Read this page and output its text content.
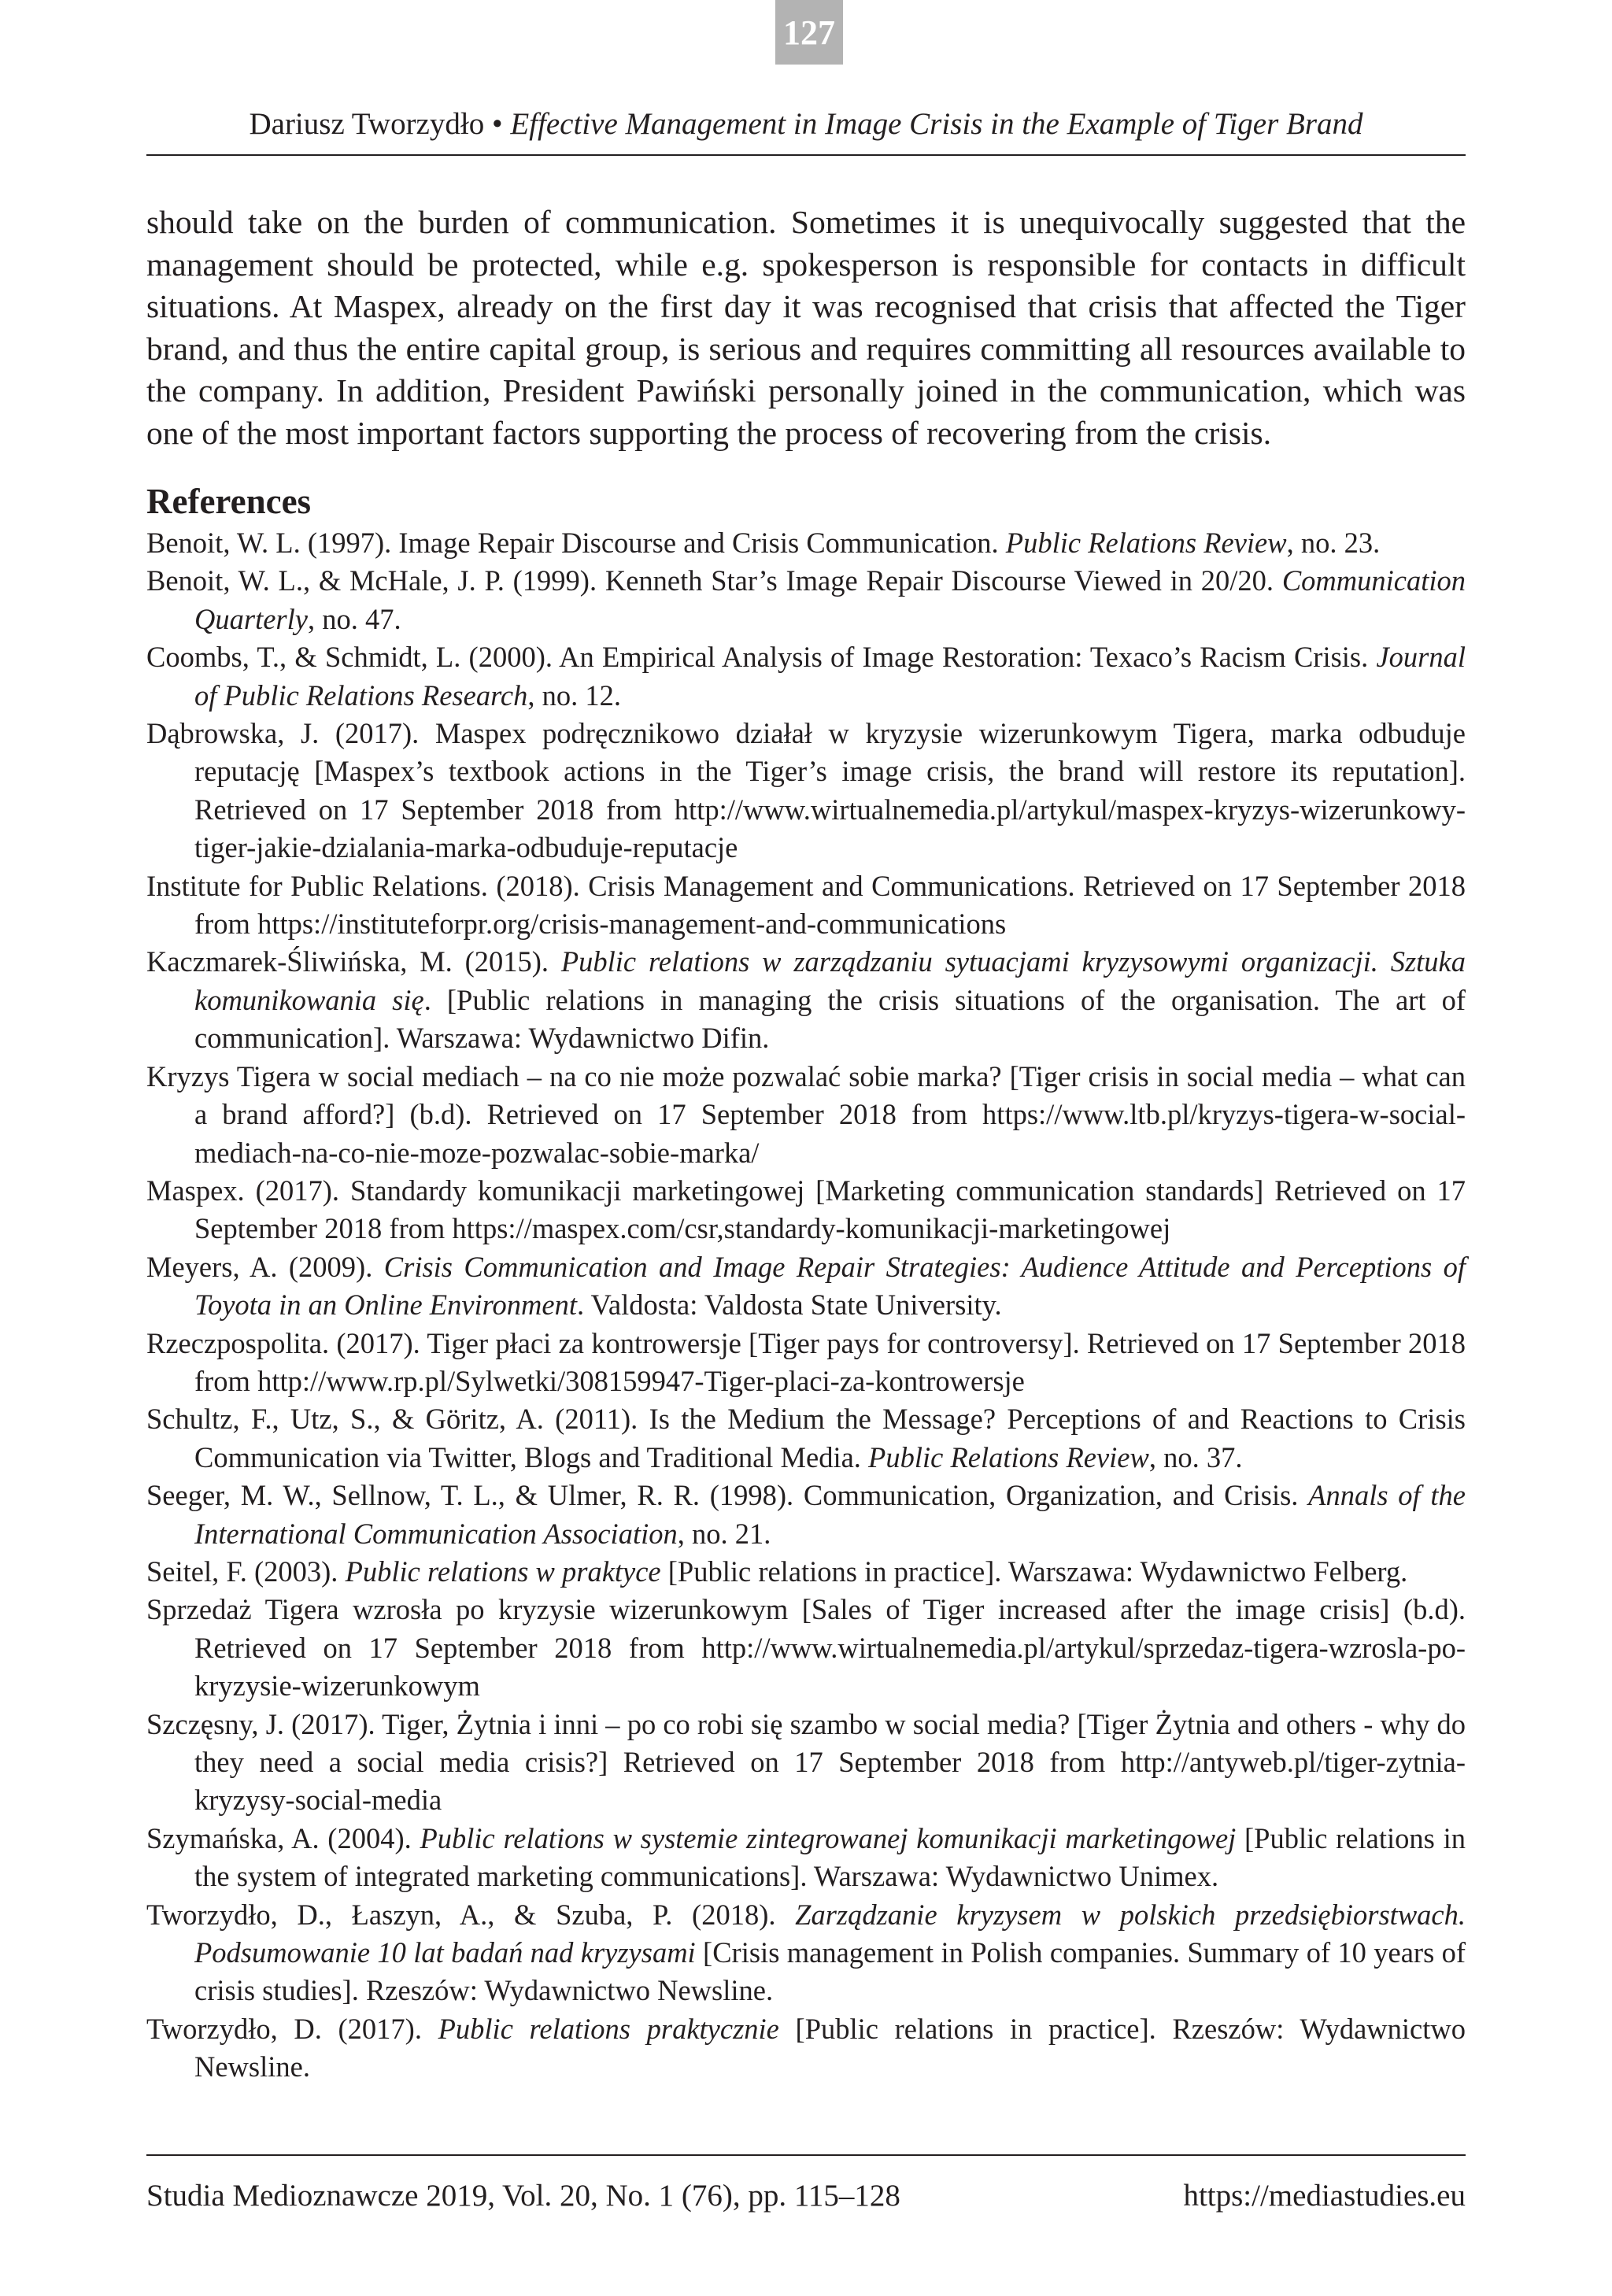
127
Dariusz Tworzydło • Effective Management in Image Crisis in the Example of Tiger Brand

should take on the burden of communication. Sometimes it is unequivocally suggested that the management should be protected, while e.g. spokesperson is responsible for contacts in difficult situations. At Maspex, already on the first day it was recognised that crisis that affected the Tiger brand, and thus the entire capital group, is serious and requires committing all resources available to the company. In addition, President Pawiński personally joined in the communication, which was one of the most important factors supporting the process of recovering from the crisis.

References
Benoit, W. L. (1997). Image Repair Discourse and Crisis Communication. Public Relations Review, no. 23.
Benoit, W. L., & McHale, J. P. (1999). Kenneth Star’s Image Repair Discourse Viewed in 20/20. Communication Quarterly, no. 47.
Coombs, T., & Schmidt, L. (2000). An Empirical Analysis of Image Restoration: Texaco’s Racism Crisis. Journal of Public Relations Research, no. 12.
Dąbrowska, J. (2017). Maspex podręcznikowo działał w kryzysie wizerunkowym Tigera, marka odbuduje reputację [Maspex’s textbook actions in the Tiger’s image crisis, the brand will restore its reputation]. Retrieved on 17 September 2018 from http://www.wirtualnemedia.pl/artykul/maspex-kryzys-wizerunkowy-tiger-jakie-dzialania-marka-odbuduje-reputacje
Institute for Public Relations. (2018). Crisis Management and Communications. Retrieved on 17 September 2018 from https://instituteforpr.org/crisis-management-and-communications
Kaczmarek-Śliwińska, M. (2015). Public relations w zarządzaniu sytuacjami kryzysowymi organizacji. Sztuka komunikowania się. [Public relations in managing the crisis situations of the organisation. The art of communication]. Warszawa: Wydawnictwo Difin.
Kryzys Tigera w social mediach – na co nie może pozwalać sobie marka? [Tiger crisis in social media – what can a brand afford?] (b.d). Retrieved on 17 September 2018 from https://www.ltb.pl/kryzys-tigera-w-social-mediach-na-co-nie-moze-pozwalac-sobie-marka/
Maspex. (2017). Standardy komunikacji marketingowej [Marketing communication standards] Retrieved on 17 September 2018 from https://maspex.com/csr,standardy-komunikacji-marketingowej
Meyers, A. (2009). Crisis Communication and Image Repair Strategies: Audience Attitude and Perceptions of Toyota in an Online Environment. Valdosta: Valdosta State University.
Rzeczpospolita. (2017). Tiger płaci za kontrowersje [Tiger pays for controversy]. Retrieved on 17 September 2018 from http://www.rp.pl/Sylwetki/308159947-Tiger-placi-za-kontrowersje
Schultz, F., Utz, S., & Göritz, A. (2011). Is the Medium the Message? Perceptions of and Reactions to Crisis Communication via Twitter, Blogs and Traditional Media. Public Relations Review, no. 37.
Seeger, M. W., Sellnow, T. L., & Ulmer, R. R. (1998). Communication, Organization, and Crisis. Annals of the International Communication Association, no. 21.
Seitel, F. (2003). Public relations w praktyce [Public relations in practice]. Warszawa: Wydawnictwo Felberg.
Sprzedaż Tigera wzrosła po kryzysie wizerunkowym [Sales of Tiger increased after the image crisis] (b.d). Retrieved on 17 September 2018 from http://www.wirtualnemedia.pl/artykul/sprzedaz-tigera-wzrosla-po-kryzysie-wizerunkowym
Szczęsny, J. (2017). Tiger, Żytnia i inni – po co robi się szambo w social media? [Tiger Żytnia and others - why do they need a social media crisis?] Retrieved on 17 September 2018 from http://antyweb.pl/tiger-zytnia-kryzysy-social-media
Szymańska, A. (2004). Public relations w systemie zintegrowanej komunikacji marketingowej [Public relations in the system of integrated marketing communications]. Warszawa: Wydawnictwo Unimex.
Tworzydło, D., Łaszyn, A., & Szuba, P. (2018). Zarządzanie kryzysem w polskich przedsiębiorstwach. Podsumowanie 10 lat badań nad kryzysami [Crisis management in Polish companies. Summary of 10 years of crisis studies]. Rzeszów: Wydawnictwo Newsline.
Tworzydło, D. (2017). Public relations praktycznie [Public relations in practice]. Rzeszów: Wydawnictwo Newsline.
Studia Medioznawcze 2019, Vol. 20, No. 1 (76), pp. 115–128	https://mediastudies.eu
